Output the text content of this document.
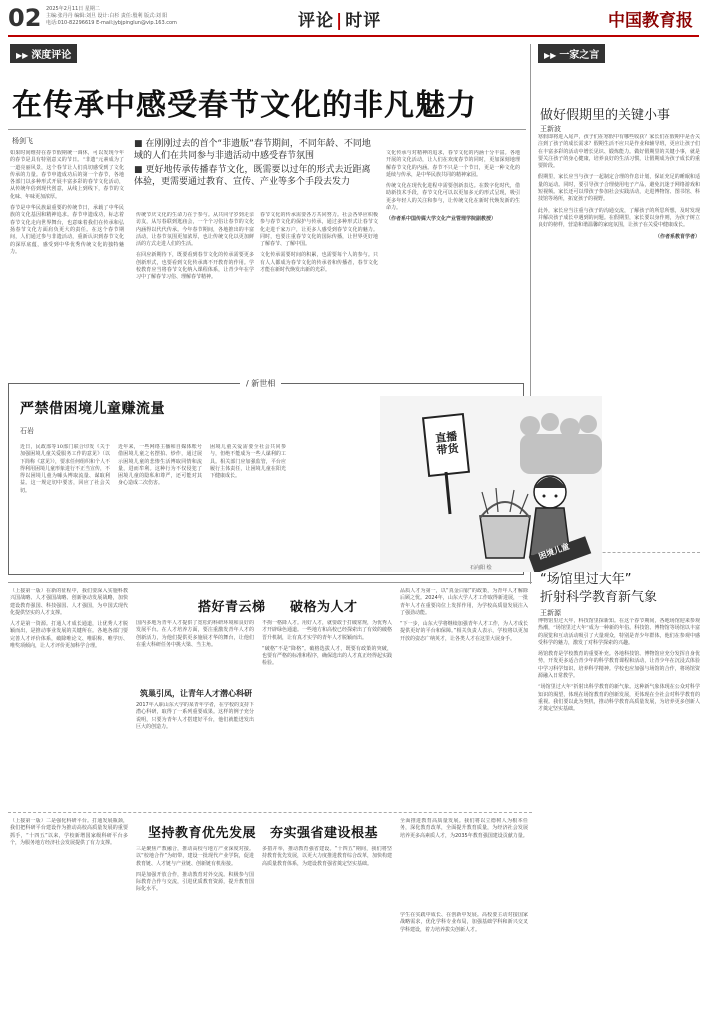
02 2025年2月11日 星期二
主编:张丹丹 编辑:刘旦 设计:白杉 责任:殷利 版式:刘 阳
电话:010-82296619 E-mail:jybjpinglun@vip.163.com	评论 | 时评	中国教育报
▶▶ 深度评论
在传承中感受春节文化的非凡魅力
杨剑飞	■ 在刚刚过去的首个“非遗版”春节期间，不同年龄、不同地域的人们在共同参与非遗活动中感受春节氛围
■ 更好地传承传播春节文化，既需要以过年的形式去近距离体验，更需要通过教育、宣传、产业等多个手段去发力

如果时间维持在春节假期统一调休，可以发现今年的春节是具有特别意义的节日。“非遗”元素成为了一道亮丽风景，这个春节让人们真切感受到了文化传承的力量。春节申遗成功后的第一个春节，各地各部门以多种形式开展丰富多彩的春节文化活动，从传统年俗到现代创意，从线上到线下，春节的文化味、年味更加浓厚。

春节是中华民族最重要的传统节日，承载了中华民族的文化基因和精神追求。春节申遗成功，标志着春节文化走向世界舞台，也意味着我们在传承和弘扬春节文化方面肩负更大的责任。在这个春节期间，人们通过参与非遗活动，重新认识到春节文化的深厚底蕴，感受到中华优秀传统文化的独特魅力。

传统节庆文化的生命力在于参与。从共同守岁到走亲访友，从写春联到逛庙会，一个个习俗让春节的文化内涵得以代代传承。今年春节期间，各地推出的丰富活动，让春节氛围更加浓厚，也让传统文化以更加鲜活的方式走进人们的生活。

在回应新期待下，既要看到春节文化的传承需要更多创新形式，也要看到文化传承离不开教育的作用。学校教育应当将春节文化纳入课程体系，让青少年在学习中了解春节习俗、理解春节精神。

春节文化的传承需要各方共同努力。社会各界应积极参与春节文化的保护与传承，通过多种形式让春节文化走进千家万户，让更多人感受到春节文化的魅力。同时，也要注重春节文化的国际传播，让世界更好地了解春节、了解中国。

文化传承需要时间的积累，也需要每个人的参与。只有人人都成为春节文化的传承者和传播者，春节文化才能在新时代焕发出新的光彩。

文化传承与对精神的追求，春节文化的内涵十分丰富。各地开展的文化活动，让人们在欢度春节的同时，更加深刻地理解春节文化的内涵。春节不只是一个节日，更是一种文化的延续与传承，是中华民族共同的精神家园。

传统文化在现代化进程中需要创新表达。在数字化时代，借助新技术手段，春节文化可以以更加多元的形式呈现，吸引更多年轻人的关注和参与，让传统文化在新时代焕发新的生命力。

（作者系中国传媒大学文化产业管理学院副教授）

▶▶ 一家之言
做好假期里的关键小事
王新波

寒假即将进入尾声，孩子们在寒假中有哪些收获？家长们在假期中是否关注到了孩子的成长需求？假期生活不应只是作业和辅导班，更应让孩子们在丰富多彩的活动中增长见识、锻炼能力。做好假期里的关键小事，就是要关注孩子的身心健康，培养良好的生活习惯，让假期成为孩子成长的重要阶段。

假期里，家长应当与孩子一起制定合理的作息计划，保证充足的睡眠和适量的运动。同时，要引导孩子合理使用电子产品，避免沉迷于网络游戏和短视频。家长还可以带孩子参加社会实践活动，走进博物馆、图书馆、科技馆等场所，拓宽孩子的视野。

此外，家长应当注重与孩子的沟通交流，了解孩子的所思所想，及时发现并解决孩子成长中遇到的问题。在假期里，家长要以身作则，为孩子树立良好的榜样，营造和谐温馨的家庭氛围，让孩子在关爱中健康成长。

（作者系教育学者）

“场馆里过大年”
折射科学教育新气象
王新源

博物馆里过大年，科技馆里探新知。在这个春节期间，各地场馆迎来参观热潮，“场馆里过大年”成为一种新的年俗。科技馆、博物馆等场馆以丰富的展览和互动活动吸引了大量观众，特别是青少年群体，他们在参观中感受科学的魅力，激发了对科学探索的兴趣。

场馆教育是学校教育的重要补充。各地科技馆、博物馆应充分发挥自身优势，开发更多适合青少年的科学教育课程和活动，让青少年在沉浸式体验中学习科学知识、培养科学精神。学校也应加强与场馆的合作，将场馆资源融入日常教学。

“场馆里过大年”折射出科学教育的新气象。这种新气象体现在公众对科学知识的渴望，体现在场馆教育的创新发展，更体现在全社会对科学教育的重视。我们要以此为契机，推动科学教育高质量发展，为培养更多创新人才奠定坚实基础。

/ 新世相
严禁借困境儿童赚流量
石岩

近日，民政部等10部门联合印发《关于加强困境儿童关爱服务工作的意见》（以下简称《意见》），要求任何组织和个人不得利用困境儿童形象进行不正当宣传，不得以困境儿童为噱头博取流量、谋取利益。这一规定切中要害，回应了社会关切。

近年来，一些网络主播和自媒体账号借困境儿童之名摆拍、炒作，通过展示困境儿童的悲惨生活博取同情和流量，进而牟利。这种行为不仅侵犯了困境儿童的隐私和尊严，还可能对其身心造成二次伤害。

困境儿童关爱需要全社会共同参与，但绝不能成为一些人谋利的工具。相关部门应加强监管，平台应履行主体责任，让困境儿童在阳光下健康成长。

直播带货
困境儿童
石向阳 绘
搭好青云梯 破格为人才

（上接第一版）在新的征程中，我们要深入实施科教兴国战略、人才强国战略、创新驱动发展战略，加快建设教育强国、科技强国、人才强国，为中国式现代化提供坚实的人才支撑。

人才是第一资源。打通人才成长通道，让优秀人才脱颖而出，是推动事业发展的关键所在。各地各部门要完善人才评价体系，破除唯论文、唯职称、唯学历、唯奖项倾向，让人才评价更加科学合理。

国内多地为青年人才提供了宽松的科研环境和良好的发展平台。在人才培养方面，要注重激发青年人才的创新活力，为他们提供更多施展才华的舞台，让他们在重大科研任务中挑大梁、当主角。

筑巢引凤，让青年人才潜心科研

2017年入职山东大学的某青年学者，在学校的支持下潜心科研，取得了一系列重要成果。这样的例子充分说明，只要为青年人才搭建好平台，他们就能迸发出巨大的创造力。

不拘一格降人才。用好人才，就要敢于打破常规，为优秀人才开辟绿色通道。一些地方和高校已经探索出了有效的破格晋升机制，让有真才实学的青年人才脱颖而出。

“破格”不是“降格”。破格选拔人才，既要有政策的突破，也要有严格的标准和程序，确保选出的人才真正经得起实践检验。

品质人才为第一，以“真金白银”的政策，为青年人才解除后顾之忧。2024年，山东大学人才工作取得新进展，一批青年人才在重要岗位上发挥作用，为学校高质量发展注入了强劲动能。

“下一步，山东大学将继续加强青年人才工作，为人才成长提供更好的平台和保障。”相关负责人表示，学校将以更加开放的姿态广纳英才，让各类人才在这里大展身手。

坚持教育优先发展 夯实强省建设根基

（上接第一版）二是强化科研平台。打通发展瓶颈，我们把科研平台建设作为推动高校高质量发展的重要抓手，“十四五”以来，学校新增国家级科研平台多个，为服务地方经济社会发展提供了有力支撑。

三是聚焦产教融合，推动高校与地方产业深度对接。以“校地合作”为纽带，建设一批现代产业学院，促进教育链、人才链与产业链、创新链有机衔接。

四是加强开放合作，推动教育对外交流。积极参与国际教育合作与交流，引进优质教育资源，提升教育国际化水平。

多措并举，推动教育强省建设。“十四五”期间，我们将坚持教育优先发展，以更大力度推进教育综合改革，加快构建高质量教育体系，为建设教育强省奠定坚实基础。

全面推进教育高质量发展。我们将以立德树人为根本任务，深化教育改革，全面提升教育质量，为经济社会发展培养更多高素质人才，为2035年教育强国建设贡献力量。

学生在实践中成长、在创新中发展。高校要主动对接国家战略需求，优化学科专业布局，加强基础学科和新兴交叉学科建设，着力培养拔尖创新人才。
